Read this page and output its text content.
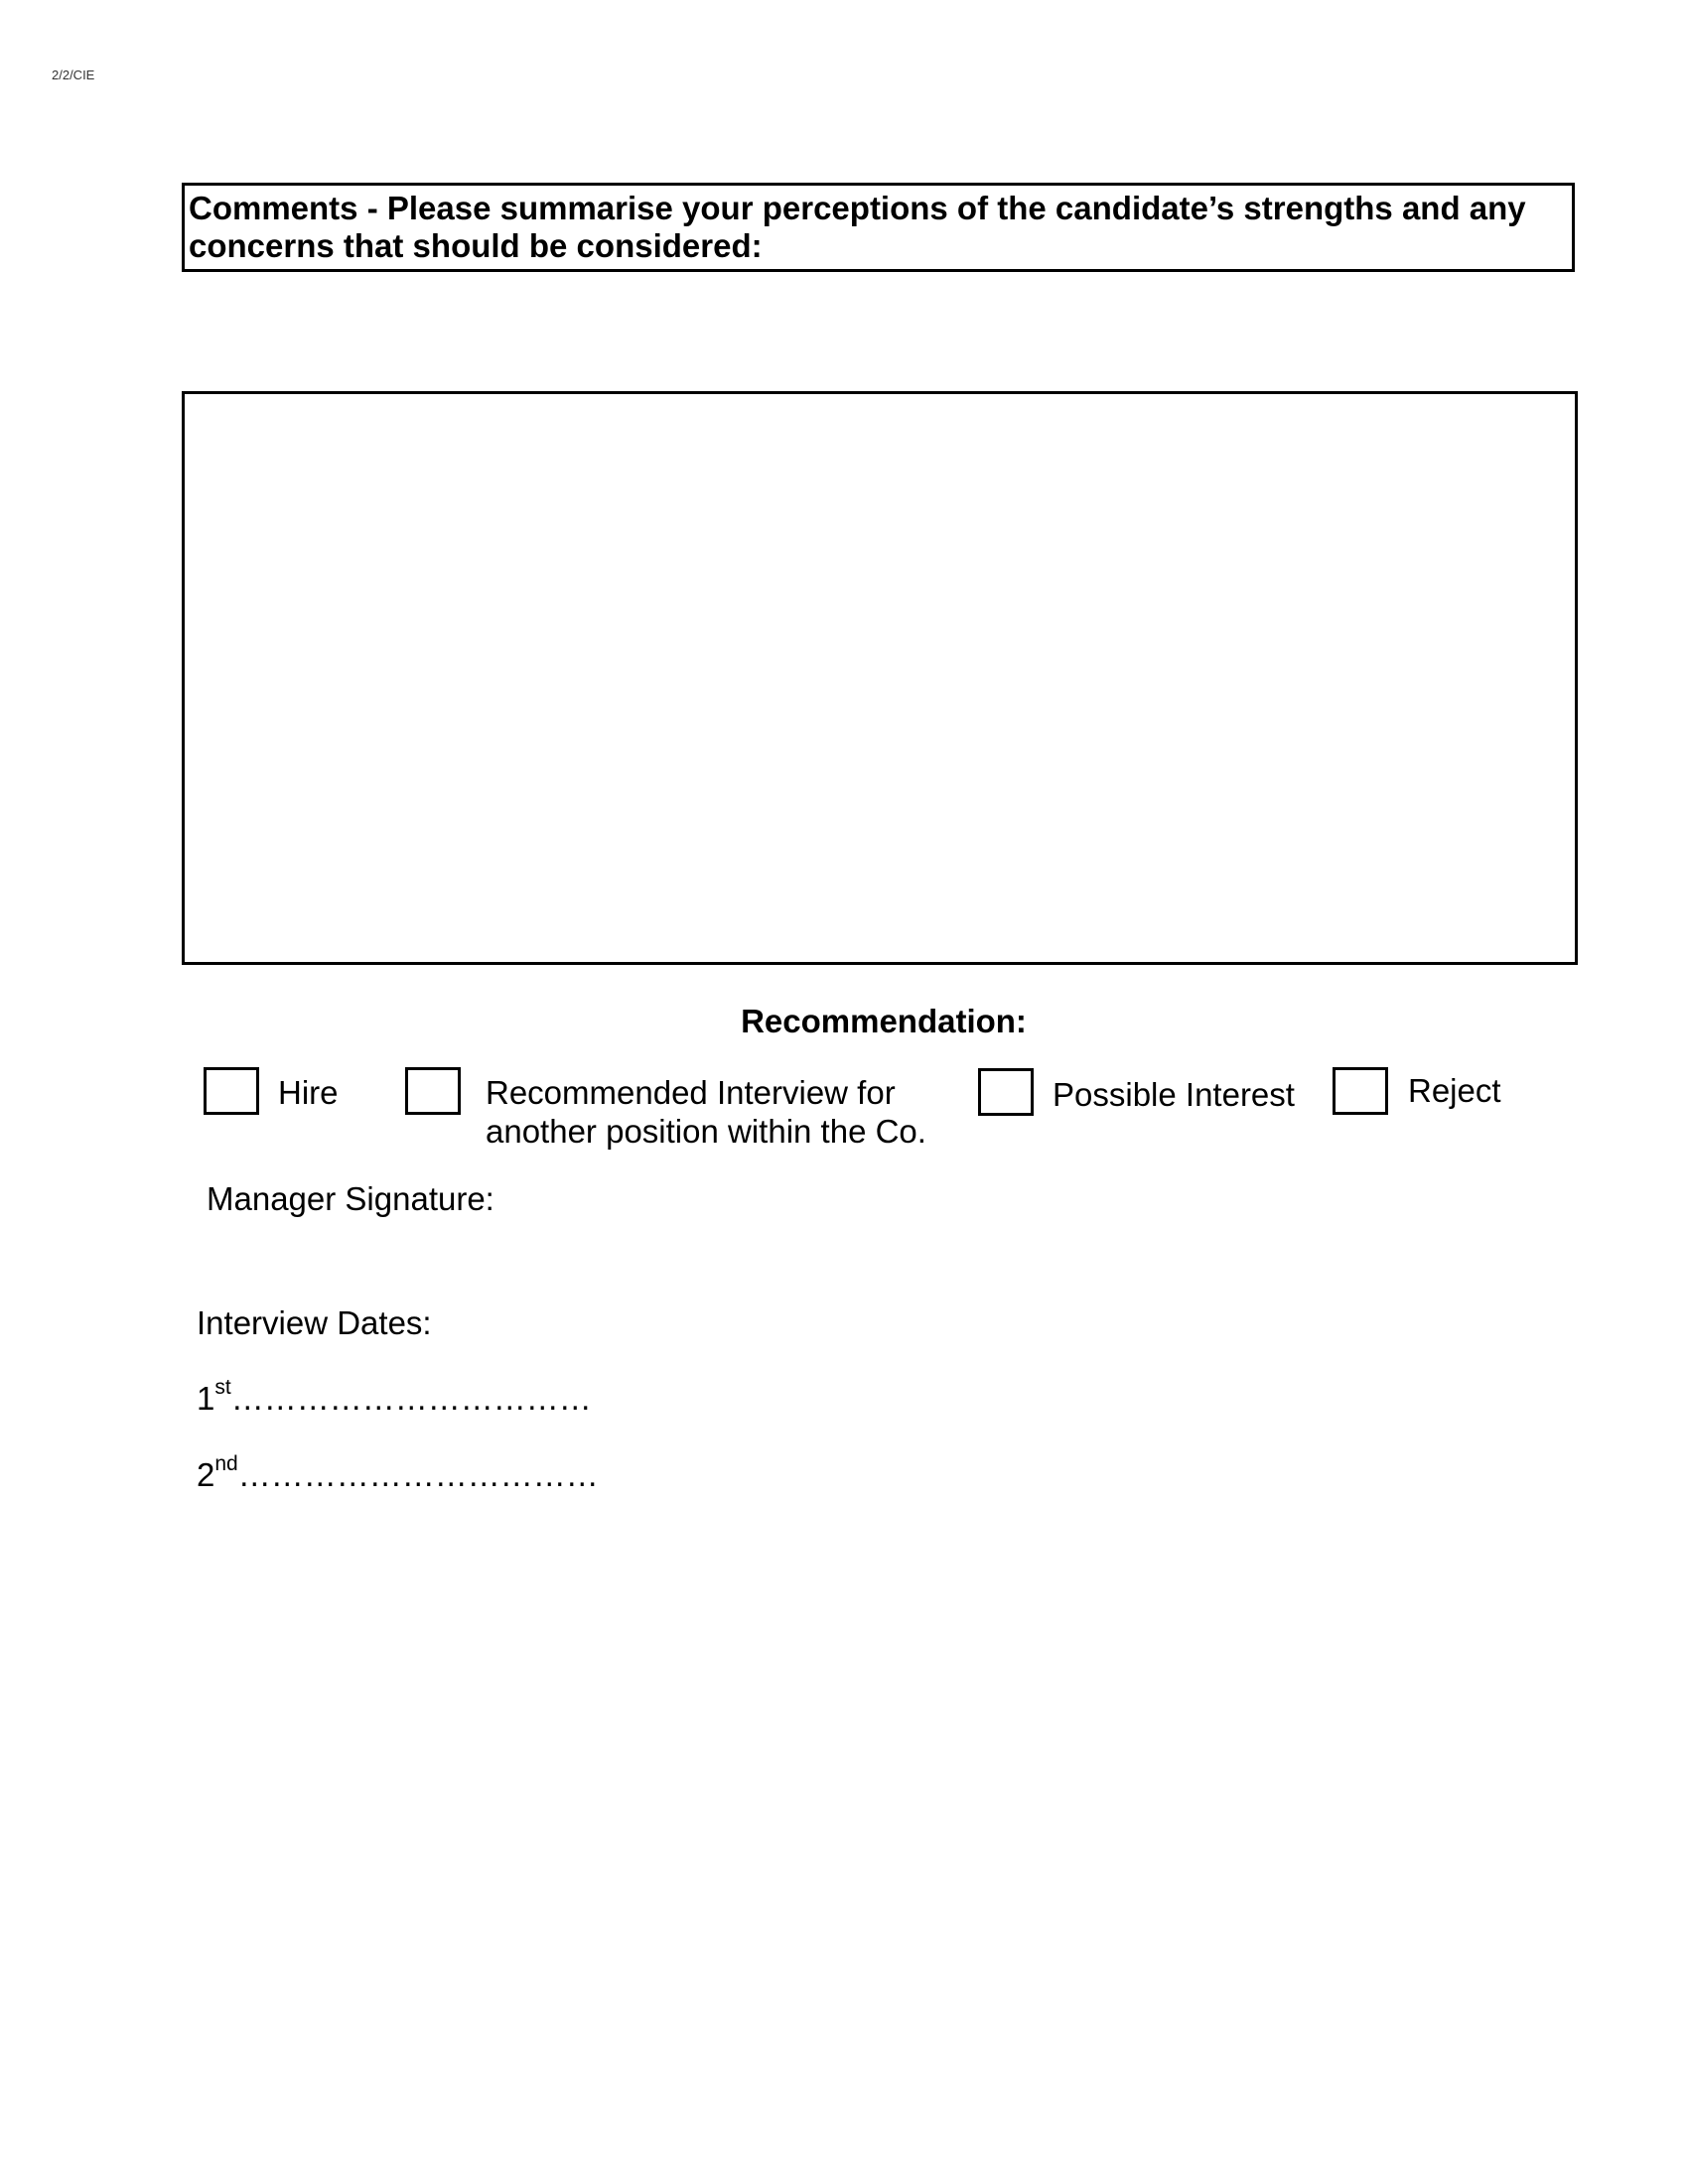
2/2/CIE
Comments - Please summarise your perceptions of the candidate’s strengths and any
concerns that should be considered:
Recommendation:
Hire	Recommended Interview for
another position within the Co.
Possible Interest	Reject
Manager Signature:
Interview Dates:
1st……………………………
2nd……………………………
